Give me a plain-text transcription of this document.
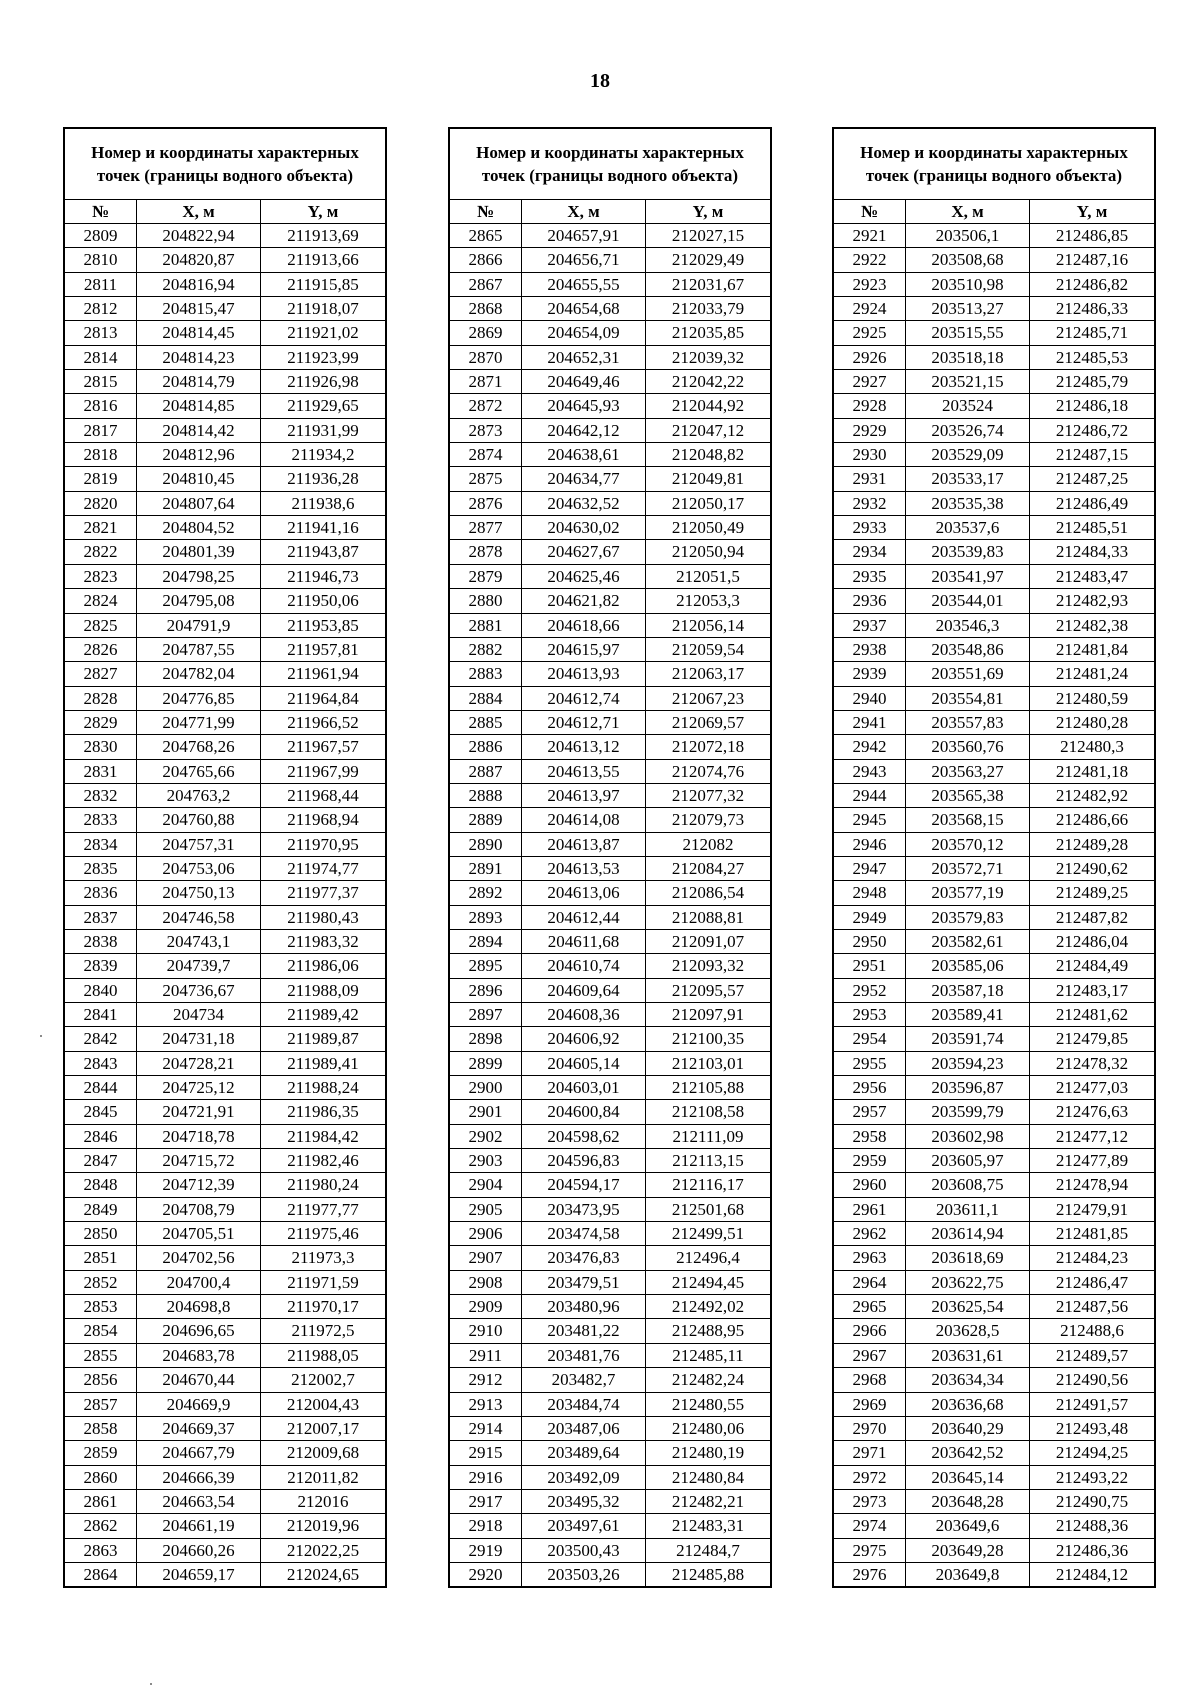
18
Номер и координаты характерных точек (границы водного объекта)		
№	X, м	Y, м
2809	204822,94	211913,69
2810	204820,87	211913,66
2811	204816,94	211915,85
2812	204815,47	211918,07
2813	204814,45	211921,02
2814	204814,23	211923,99
2815	204814,79	211926,98
2816	204814,85	211929,65
2817	204814,42	211931,99
2818	204812,96	211934,2
2819	204810,45	211936,28
2820	204807,64	211938,6
2821	204804,52	211941,16
2822	204801,39	211943,87
2823	204798,25	211946,73
2824	204795,08	211950,06
2825	204791,9	211953,85
2826	204787,55	211957,81
2827	204782,04	211961,94
2828	204776,85	211964,84
2829	204771,99	211966,52
2830	204768,26	211967,57
2831	204765,66	211967,99
2832	204763,2	211968,44
2833	204760,88	211968,94
2834	204757,31	211970,95
2835	204753,06	211974,77
2836	204750,13	211977,37
2837	204746,58	211980,43
2838	204743,1	211983,32
2839	204739,7	211986,06
2840	204736,67	211988,09
2841	204734	211989,42
2842	204731,18	211989,87
2843	204728,21	211989,41
2844	204725,12	211988,24
2845	204721,91	211986,35
2846	204718,78	211984,42
2847	204715,72	211982,46
2848	204712,39	211980,24
2849	204708,79	211977,77
2850	204705,51	211975,46
2851	204702,56	211973,3
2852	204700,4	211971,59
2853	204698,8	211970,17
2854	204696,65	211972,5
2855	204683,78	211988,05
2856	204670,44	212002,7
2857	204669,9	212004,43
2858	204669,37	212007,17
2859	204667,79	212009,68
2860	204666,39	212011,82
2861	204663,54	212016
2862	204661,19	212019,96
2863	204660,26	212022,25
2864	204659,17	212024,65
Номер и координаты характерных точек (границы водного объекта)		
№	X, м	Y, м
2865	204657,91	212027,15
2866	204656,71	212029,49
2867	204655,55	212031,67
2868	204654,68	212033,79
2869	204654,09	212035,85
2870	204652,31	212039,32
2871	204649,46	212042,22
2872	204645,93	212044,92
2873	204642,12	212047,12
2874	204638,61	212048,82
2875	204634,77	212049,81
2876	204632,52	212050,17
2877	204630,02	212050,49
2878	204627,67	212050,94
2879	204625,46	212051,5
2880	204621,82	212053,3
2881	204618,66	212056,14
2882	204615,97	212059,54
2883	204613,93	212063,17
2884	204612,74	212067,23
2885	204612,71	212069,57
2886	204613,12	212072,18
2887	204613,55	212074,76
2888	204613,97	212077,32
2889	204614,08	212079,73
2890	204613,87	212082
2891	204613,53	212084,27
2892	204613,06	212086,54
2893	204612,44	212088,81
2894	204611,68	212091,07
2895	204610,74	212093,32
2896	204609,64	212095,57
2897	204608,36	212097,91
2898	204606,92	212100,35
2899	204605,14	212103,01
2900	204603,01	212105,88
2901	204600,84	212108,58
2902	204598,62	212111,09
2903	204596,83	212113,15
2904	204594,17	212116,17
2905	203473,95	212501,68
2906	203474,58	212499,51
2907	203476,83	212496,4
2908	203479,51	212494,45
2909	203480,96	212492,02
2910	203481,22	212488,95
2911	203481,76	212485,11
2912	203482,7	212482,24
2913	203484,74	212480,55
2914	203487,06	212480,06
2915	203489,64	212480,19
2916	203492,09	212480,84
2917	203495,32	212482,21
2918	203497,61	212483,31
2919	203500,43	212484,7
2920	203503,26	212485,88
Номер и координаты характерных точек (границы водного объекта)		
№	X, м	Y, м
2921	203506,1	212486,85
2922	203508,68	212487,16
2923	203510,98	212486,82
2924	203513,27	212486,33
2925	203515,55	212485,71
2926	203518,18	212485,53
2927	203521,15	212485,79
2928	203524	212486,18
2929	203526,74	212486,72
2930	203529,09	212487,15
2931	203533,17	212487,25
2932	203535,38	212486,49
2933	203537,6	212485,51
2934	203539,83	212484,33
2935	203541,97	212483,47
2936	203544,01	212482,93
2937	203546,3	212482,38
2938	203548,86	212481,84
2939	203551,69	212481,24
2940	203554,81	212480,59
2941	203557,83	212480,28
2942	203560,76	212480,3
2943	203563,27	212481,18
2944	203565,38	212482,92
2945	203568,15	212486,66
2946	203570,12	212489,28
2947	203572,71	212490,62
2948	203577,19	212489,25
2949	203579,83	212487,82
2950	203582,61	212486,04
2951	203585,06	212484,49
2952	203587,18	212483,17
2953	203589,41	212481,62
2954	203591,74	212479,85
2955	203594,23	212478,32
2956	203596,87	212477,03
2957	203599,79	212476,63
2958	203602,98	212477,12
2959	203605,97	212477,89
2960	203608,75	212478,94
2961	203611,1	212479,91
2962	203614,94	212481,85
2963	203618,69	212484,23
2964	203622,75	212486,47
2965	203625,54	212487,56
2966	203628,5	212488,6
2967	203631,61	212489,57
2968	203634,34	212490,56
2969	203636,68	212491,57
2970	203640,29	212493,48
2971	203642,52	212494,25
2972	203645,14	212493,22
2973	203648,28	212490,75
2974	203649,6	212488,36
2975	203649,28	212486,36
2976	203649,8	212484,12
